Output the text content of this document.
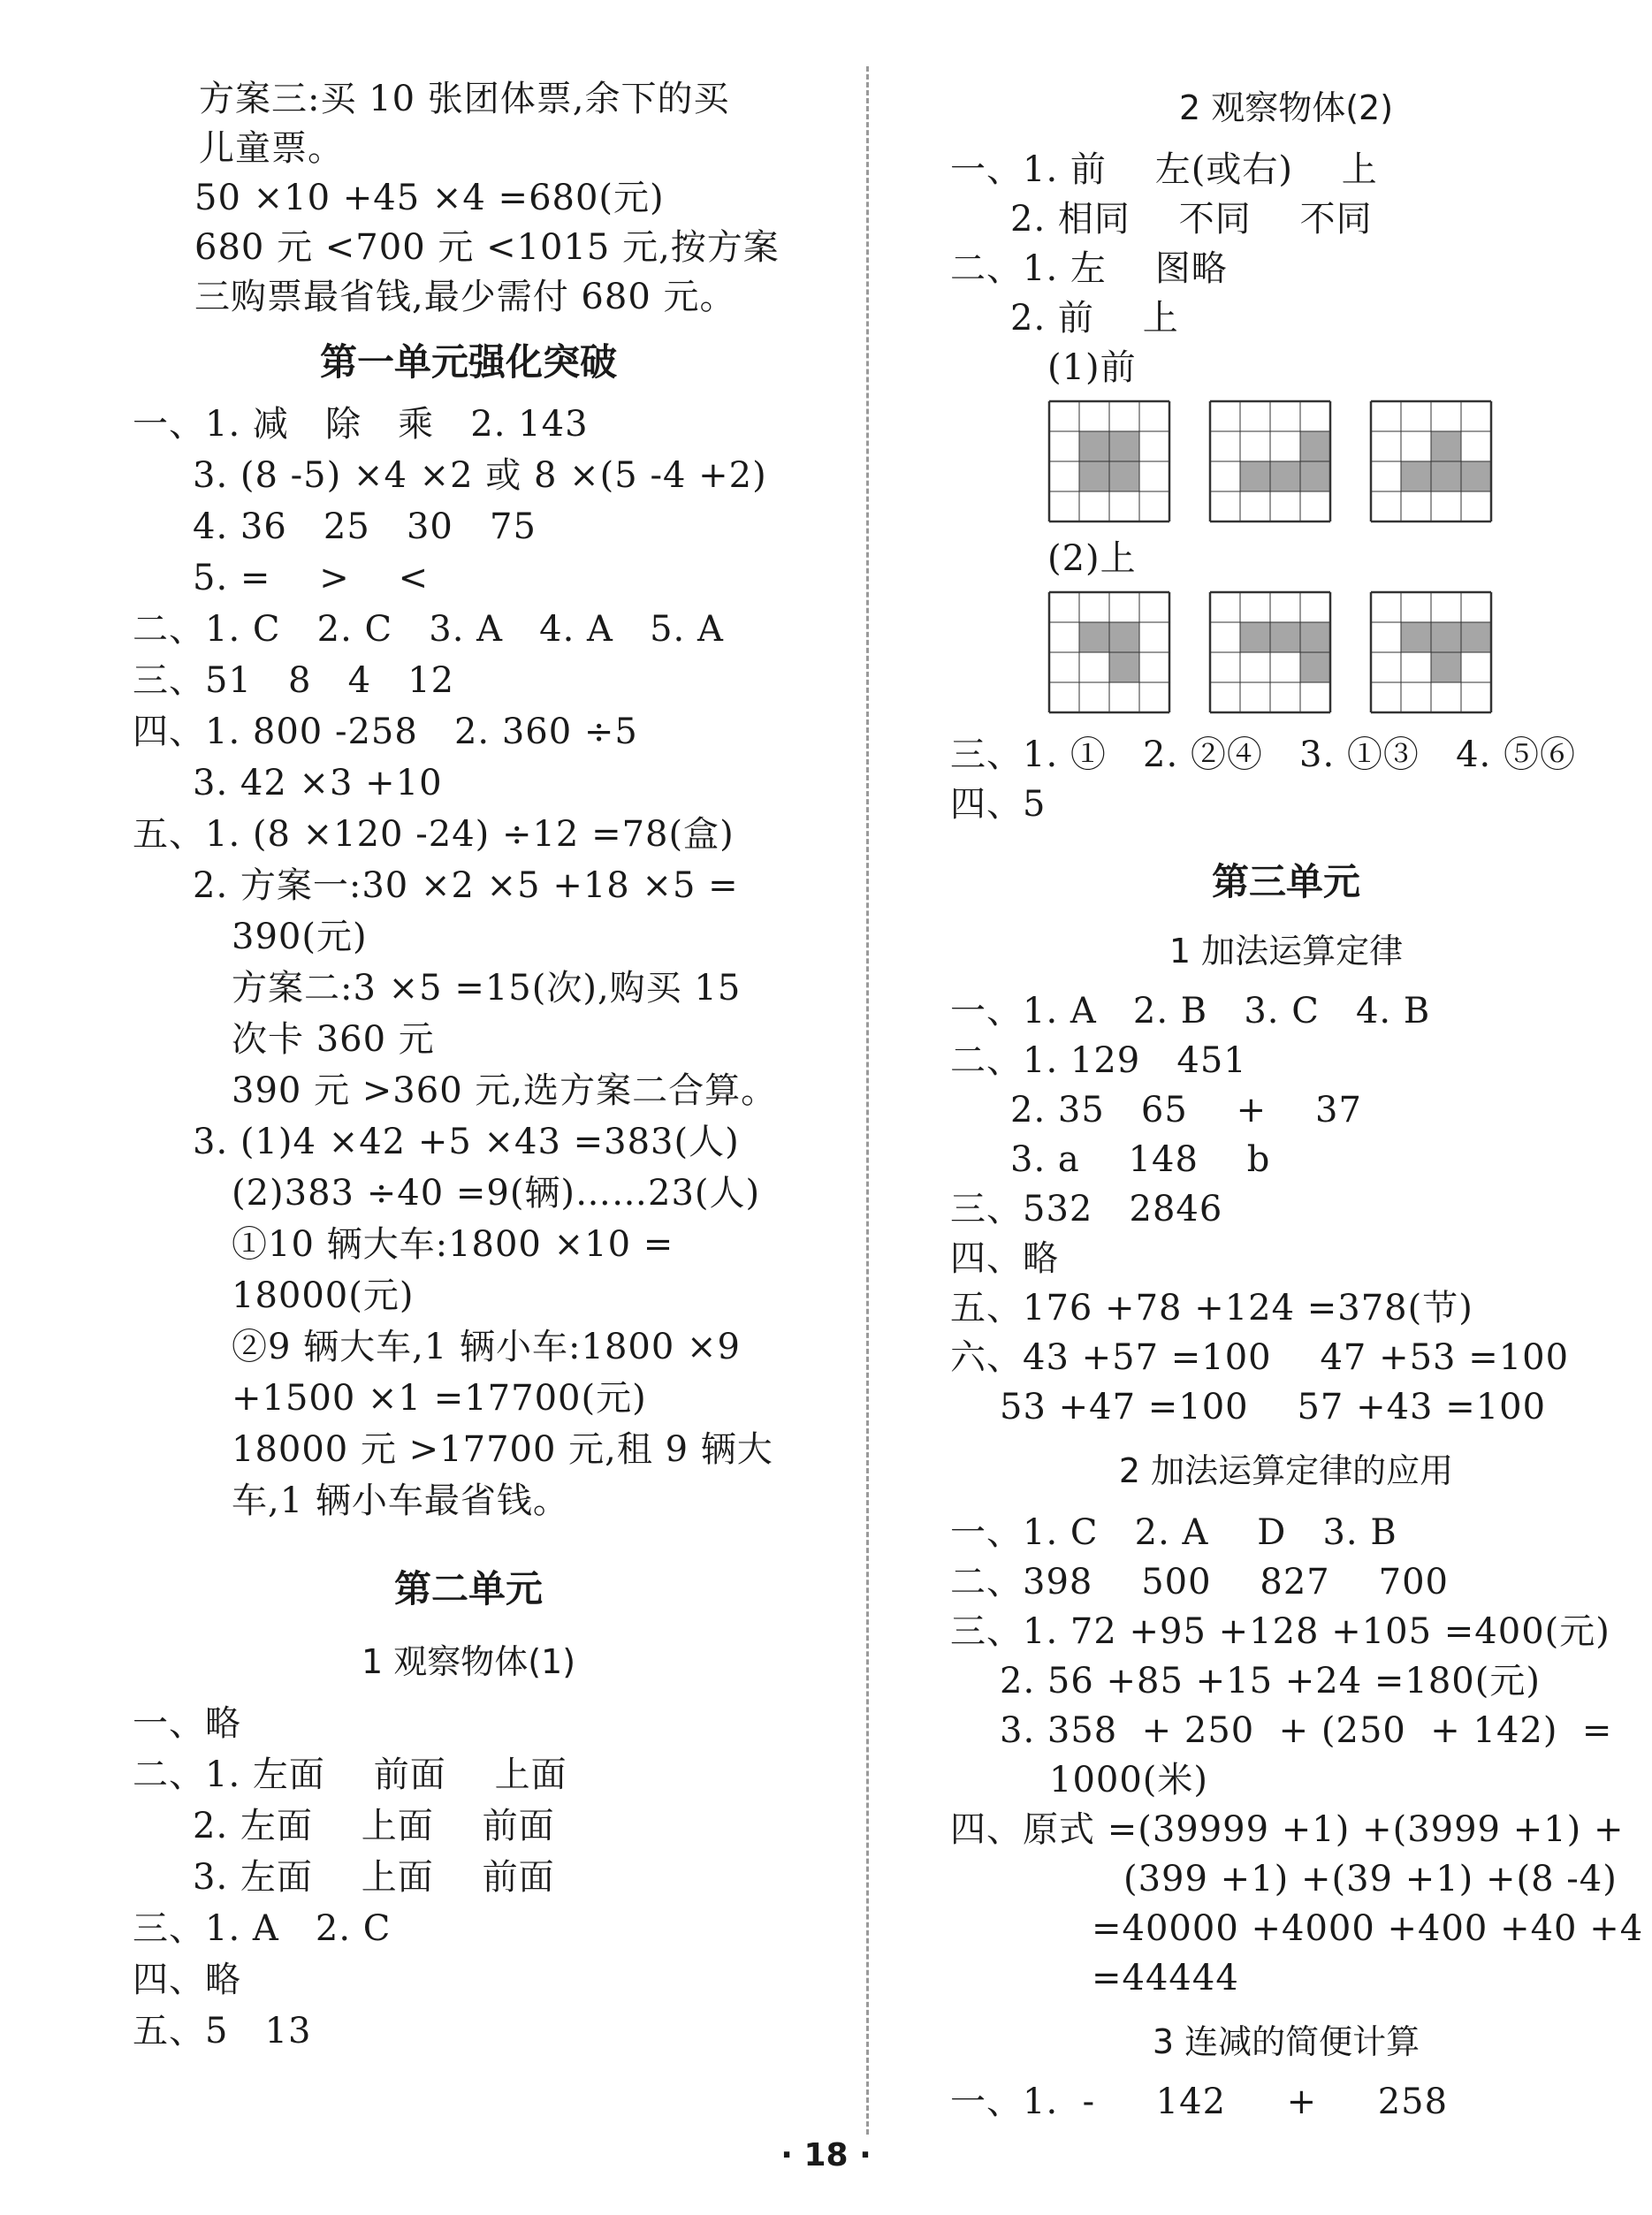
方案三:买 10 张团体票,余下的买
儿童票。
50 ×10 +45 ×4 =680(元)
680 元 <700 元 <1015 元,按方案
三购票最省钱,最少需付 680 元。
第一单元强化突破
一、1. 减   除   乘   2. 143
3. (8 -5) ×4 ×2 或 8 ×(5 -4 +2)
4. 36   25   30   75
5. =    >    <
二、1. C   2. C   3. A   4. A   5. A
三、51   8   4   12
四、1. 800 -258   2. 360 ÷5
3. 42 ×3 +10
五、1. (8 ×120 -24) ÷12 =78(盒)
2. 方案一:30 ×2 ×5 +18 ×5 =
390(元)
方案二:3 ×5 =15(次),购买 15
次卡 360 元
390 元 >360 元,选方案二合算。
3. (1)4 ×42 +5 ×43 =383(人)
(2)383 ÷40 =9(辆)……23(人)
①10 辆大车:1800 ×10 =
18000(元)
②9 辆大车,1 辆小车:1800 ×9
+1500 ×1 =17700(元)
18000 元 >17700 元,租 9 辆大
车,1 辆小车最省钱。
第二单元
1 观察物体(1)
一、略
二、1. 左面    前面    上面
2. 左面    上面    前面
3. 左面    上面    前面
三、1. A   2. C
四、略
五、5   13
2 观察物体(2)
一、1. 前    左(或右)    上
2. 相同    不同    不同
二、1. 左    图略
2. 前    上
(1)前
(2)上
三、1. ①   2. ②④   3. ①③   4. ⑤⑥
四、5
第三单元
1 加法运算定律
一、1. A   2. B   3. C   4. B
二、1. 129   451
2. 35   65    +    37
3. a    148    b
三、532   2846
四、略
五、176 +78 +124 =378(节)
六、43 +57 =100    47 +53 =100
53 +47 =100    57 +43 =100
2 加法运算定律的应用
一、1. C   2. A    D   3. B
二、398    500    827    700
三、1. 72 +95 +128 +105 =400(元)
2. 56 +85 +15 +24 =180(元)
3. 358  + 250  + (250  + 142)  =
1000(米)
四、原式 =(39999 +1) +(3999 +1) +
(399 +1) +(39 +1) +(8 -4)
=40000 +4000 +400 +40 +4
=44444
3 连减的简便计算
一、1.  -     142     +     258
· 18 ·
